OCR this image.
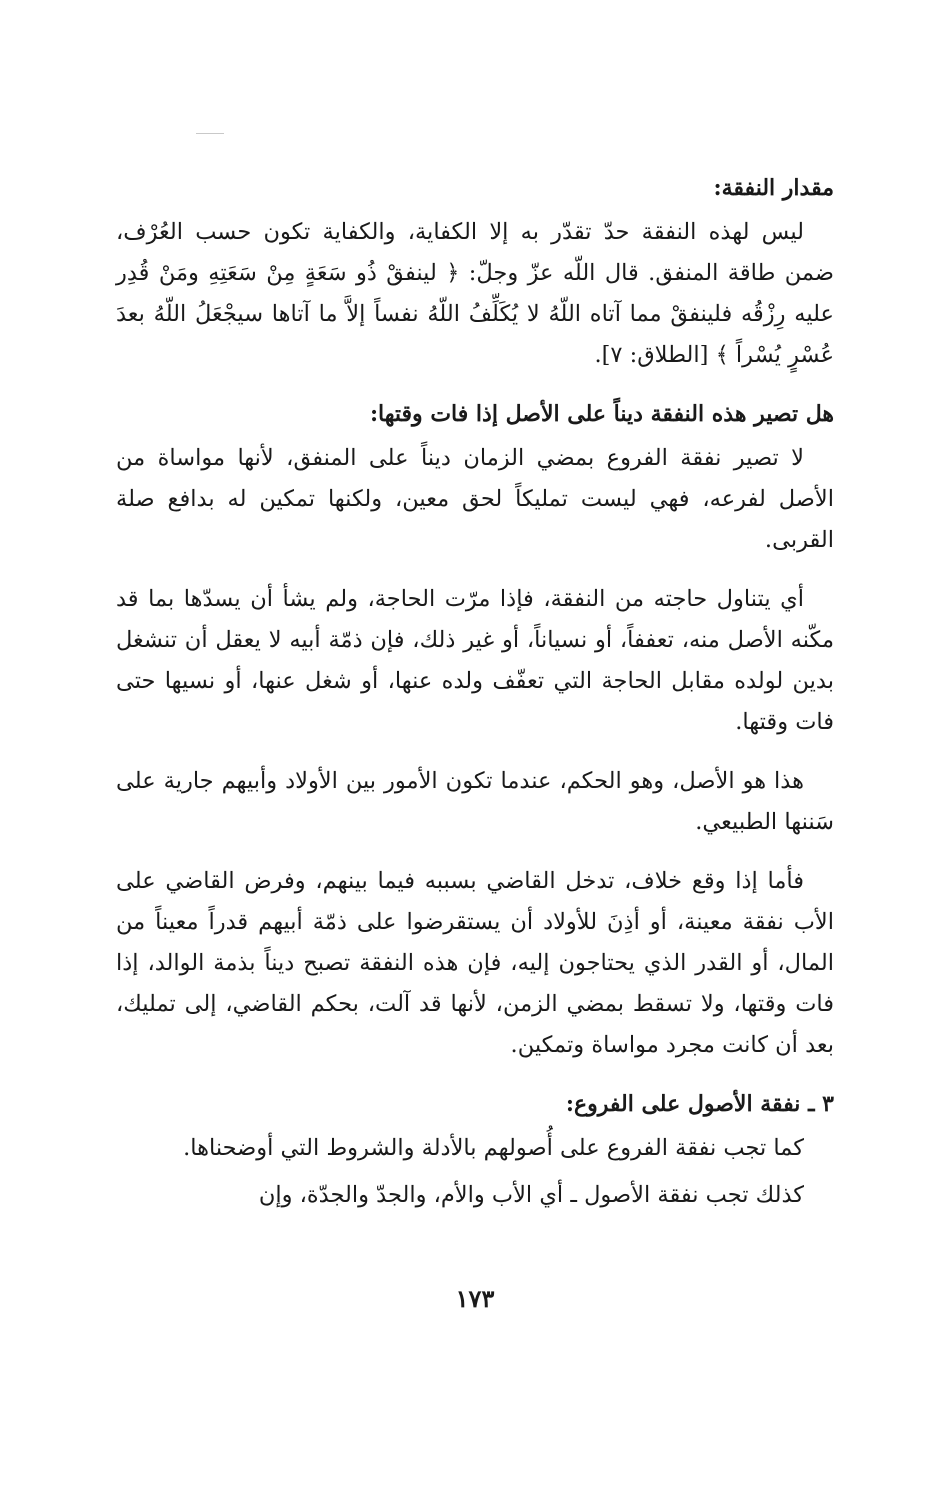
مقدار النفقة:

ليس لهذه النفقة حدّ تقدّر به إلا الكفاية، والكفاية تكون حسب العُرْف، ضمن طاقة المنفق. قال اللّه عزّ وجلّ: ﴿ لينفقْ ذُو سَعَةٍ مِنْ سَعَتِهِ ومَنْ قُدِر عليه رِزْقُه فلينفقْ مما آتاه اللّهُ لا يُكَلِّفُ اللّهُ نفساً إلاَّ ما آتاها سيجْعَلُ اللّهُ بعدَ عُسْرٍ يُسْراً ﴾ [الطلاق: ٧].

هل تصير هذه النفقة ديناً على الأصل إذا فات وقتها:

لا تصير نفقة الفروع بمضي الزمان ديناً على المنفق، لأنها مواساة من الأصل لفرعه، فهي ليست تمليكاً لحق معين، ولكنها تمكين له بدافع صلة القربى.

أي يتناول حاجته من النفقة، فإذا مرّت الحاجة، ولم يشأ أن يسدّها بما قد مكّنه الأصل منه، تعففاً، أو نسياناً، أو غير ذلك، فإن ذمّة أبيه لا يعقل أن تنشغل بدين لولده مقابل الحاجة التي تعفّف ولده عنها، أو شغل عنها، أو نسيها حتى فات وقتها.

هذا هو الأصل، وهو الحكم، عندما تكون الأمور بين الأولاد وأبيهم جارية على سَننها الطبيعي.

فأما إذا وقع خلاف، تدخل القاضي بسببه فيما بينهم، وفرض القاضي على الأب نفقة معينة، أو أذِنَ للأولاد أن يستقرضوا على ذمّة أبيهم قدراً معيناً من المال، أو القدر الذي يحتاجون إليه، فإن هذه النفقة تصبح ديناً بذمة الوالد، إذا فات وقتها، ولا تسقط بمضي الزمن، لأنها قد آلت، بحكم القاضي، إلى تمليك، بعد أن كانت مجرد مواساة وتمكين.

٣ ـ نفقة الأصول على الفروع:

كما تجب نفقة الفروع على أُصولهم بالأدلة والشروط التي أوضحناها.

كذلك تجب نفقة الأصول ـ أي الأب والأم، والجدّ والجدّة، وإن

١٧٣
